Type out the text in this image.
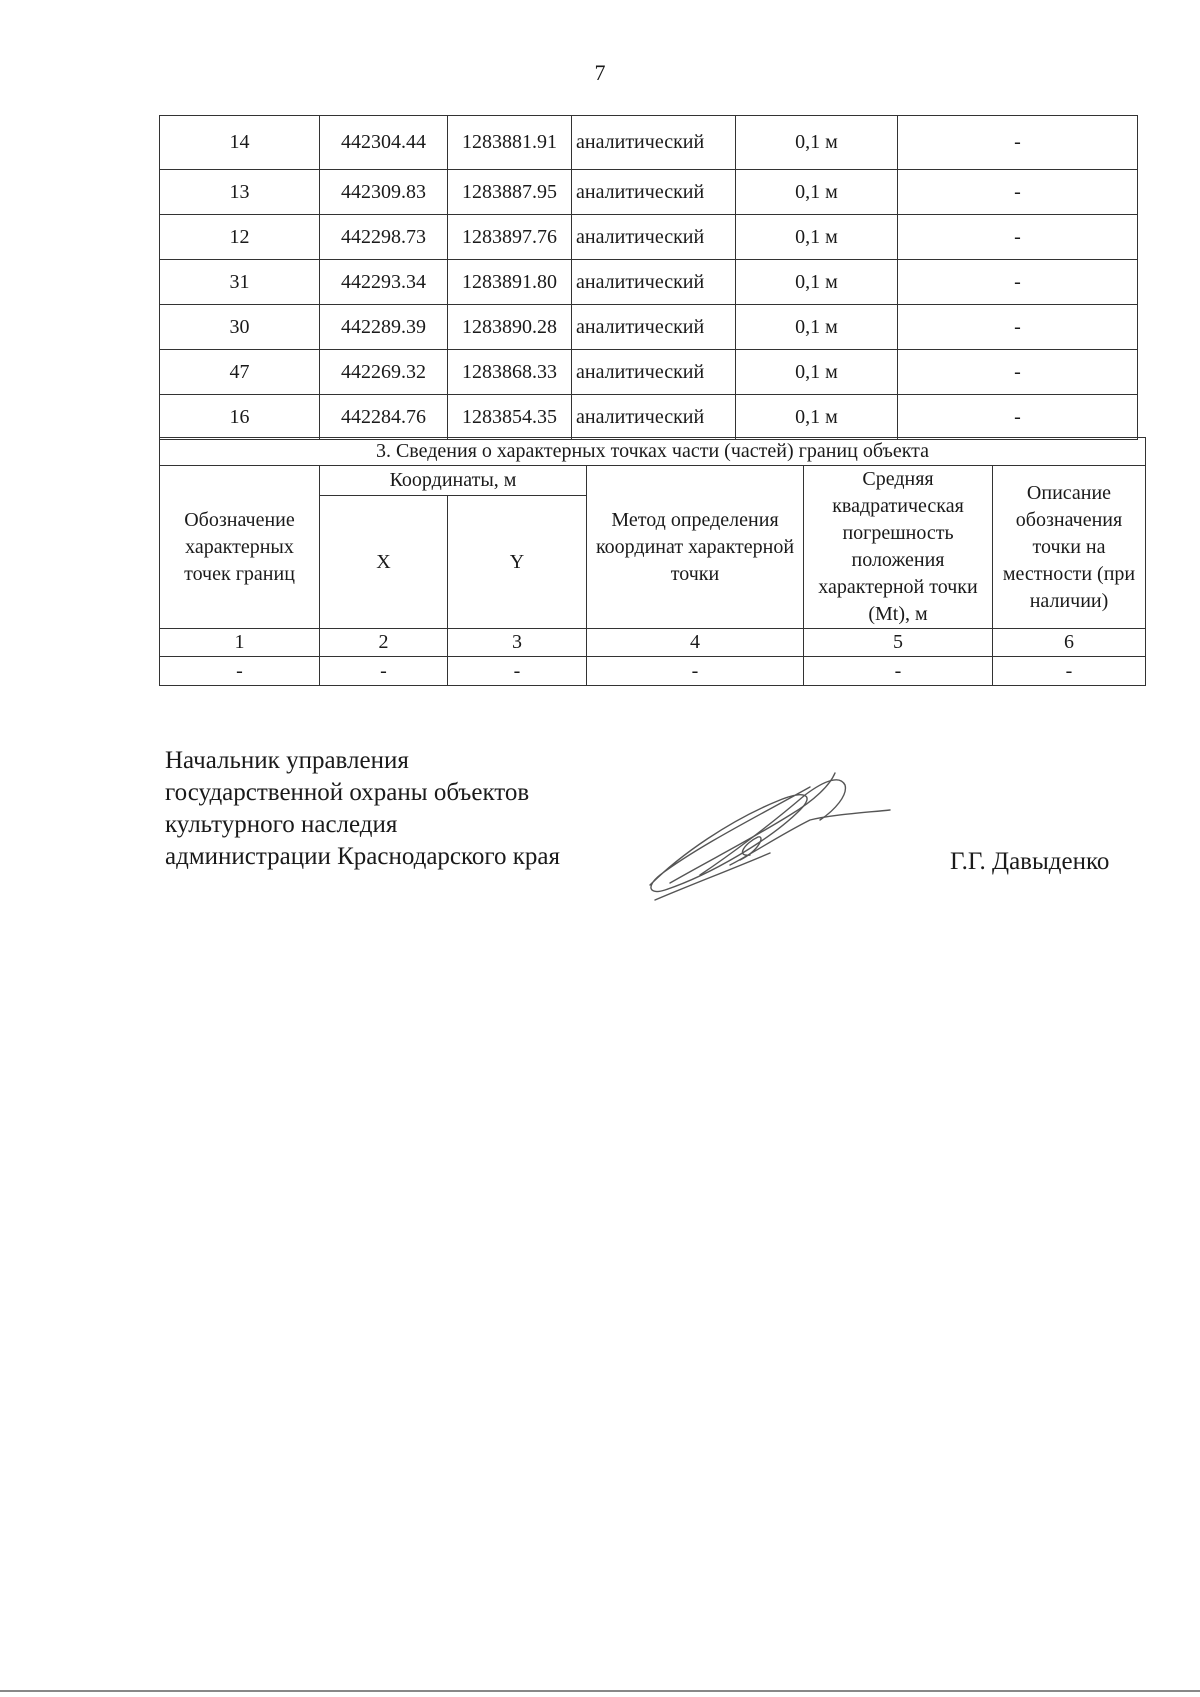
7
14	442304.44	1283881.91	аналитический	0,1 м	-
13	442309.83	1283887.95	аналитический	0,1 м	-
12	442298.73	1283897.76	аналитический	0,1 м	-
31	442293.34	1283891.80	аналитический	0,1 м	-
30	442289.39	1283890.28	аналитический	0,1 м	-
47	442269.32	1283868.33	аналитический	0,1 м	-
16	442284.76	1283854.35	аналитический	0,1 м	-
3. Сведения о характерных точках части (частей) границ объекта					
Обозначение характерных точек границ	Координаты, м		Метод определения координат характерной точки	Средняя квадратическая погрешность положения характерной точки (Mt), м	Описание обозначения точки на местности (при наличии)
	X	Y			
1	2	3	4	5	6
-	-	-	-	-	-
Начальник управления
государственной охраны объектов
культурного наследия
администрации Краснодарского края	Г.Г. Давыденко
